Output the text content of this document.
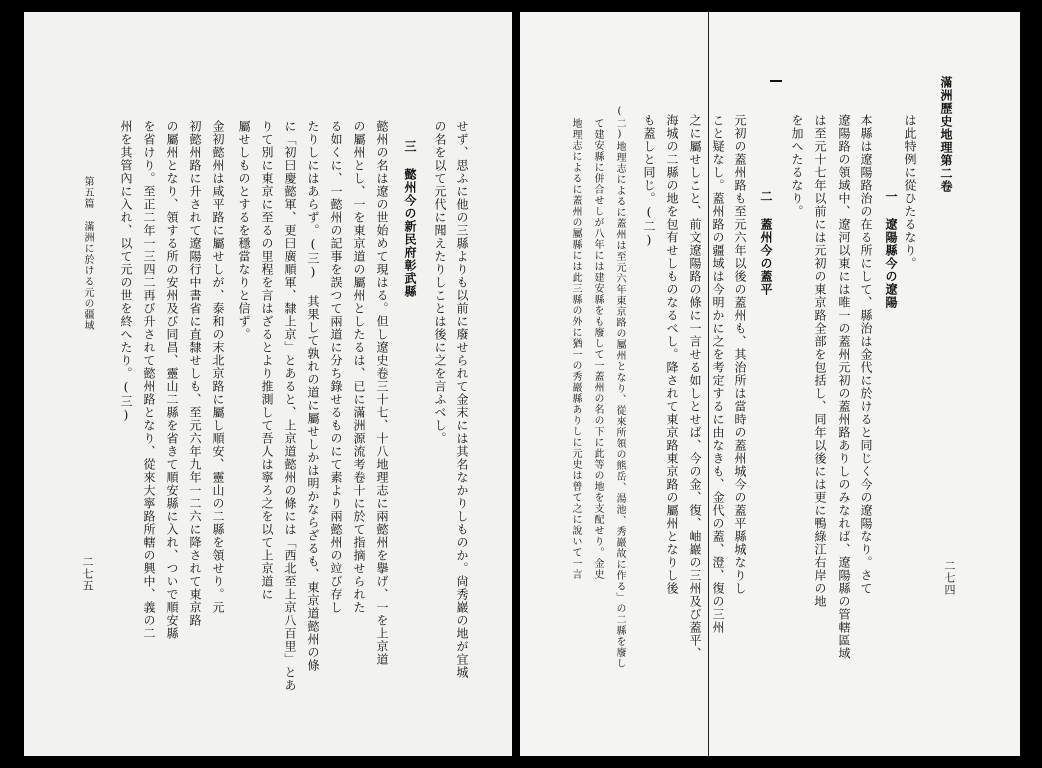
滿洲歷史地理第二卷
二七四
は此特例に從ひたるなり。
一 遼陽縣今の遼陽
本縣は遼陽路治の在る所にして、縣治は金代に於けると同じく今の遼陽なり。さて
遼陽路の領域中、遼河以東には唯一の蓋州元初の蓋州路ありしのみなれば、遼陽縣の管轄區域
は至元十七年以前には元初の東京路全部を包括し、同年以後には更に鴨綠江右岸の地
を加へたるなり。
二 蓋州今の蓋平
元初の蓋州路も至元六年以後の蓋州も、其治所は當時の蓋州城今の蓋平縣城なりし
こと疑なし。蓋州路の疆域は今明かに之を考定するに由なきも、金代の蓋、澄、復の三州
之に屬せしこと、前文遼陽路の條に一言せる如しとせば、今の金、復、岫巖の三州及び蓋平、
海城の二縣の地を包有せしものなるべし。降されて東京路東京路の屬州となりし後
も蓋しと同じ。(二)
(二)地理志によるに蓋州は至元六年東京路の屬州となり、從來所領の熊岳、湯池、秀巖故に作る」の二縣を廢し
て建安縣に併合せしが八年には建安縣をも廢して一蓋州の名の下に此等の地を支配せり。金史
地理志によるに蓋州の屬縣には此三縣の外に猶一の秀巖縣ありしに元史は曾て之に說いて一言
せず、思ふに他の三縣よりも以前に廢せられて金末には其名なかりしものか。尙秀巖の地が宜城
の名を以て元代に聞えたりしことは後に之を言ふべし。
三 懿州今の新民府彰武縣
懿州の名は遼の世始めて現はる。但し遼史卷三十七、十八地理志に兩懿州を擧げ、一を上京道
の屬州とし、一を東京道の屬州としたるは、已に滿洲源流考卷十に於て指摘せられた
る如くに、一懿州の記事を誤つて兩道に分ち錄せるものにて素より兩懿州の竝び存し
たりしにはあらず。(三) 其果して孰れの道に屬せしかは明かならざるも、東京道懿州の條
に「初曰慶懿軍、更曰廣順軍、隸上京」とあると、上京道懿州の條には「西北至上京八百里」とあ
りて別に東京に至るの里程を言はざるとより推測して吾人は寧ろ之を以て上京道に
屬せしものとするを穩當なりと信ず。
金初懿州は咸平路に屬せしが、泰和の末北京路に屬し順安、靈山の二縣を領せり。元
初懿州路に升されて遼陽行中書省に直隸せしも、至元六年九年一二六に降されて東京路
の屬州となり、領する所の安州及び同昌、靈山二縣を省きて順安縣に入れ、ついで順安縣
を省けり。至正二年一三四二再び升されて懿州路となり、從來大寧路所轄の興中、義の二
州を其管內に入れ、以て元の世を終へたり。(三)
第五篇 滿洲に於ける元の疆域
二七五
